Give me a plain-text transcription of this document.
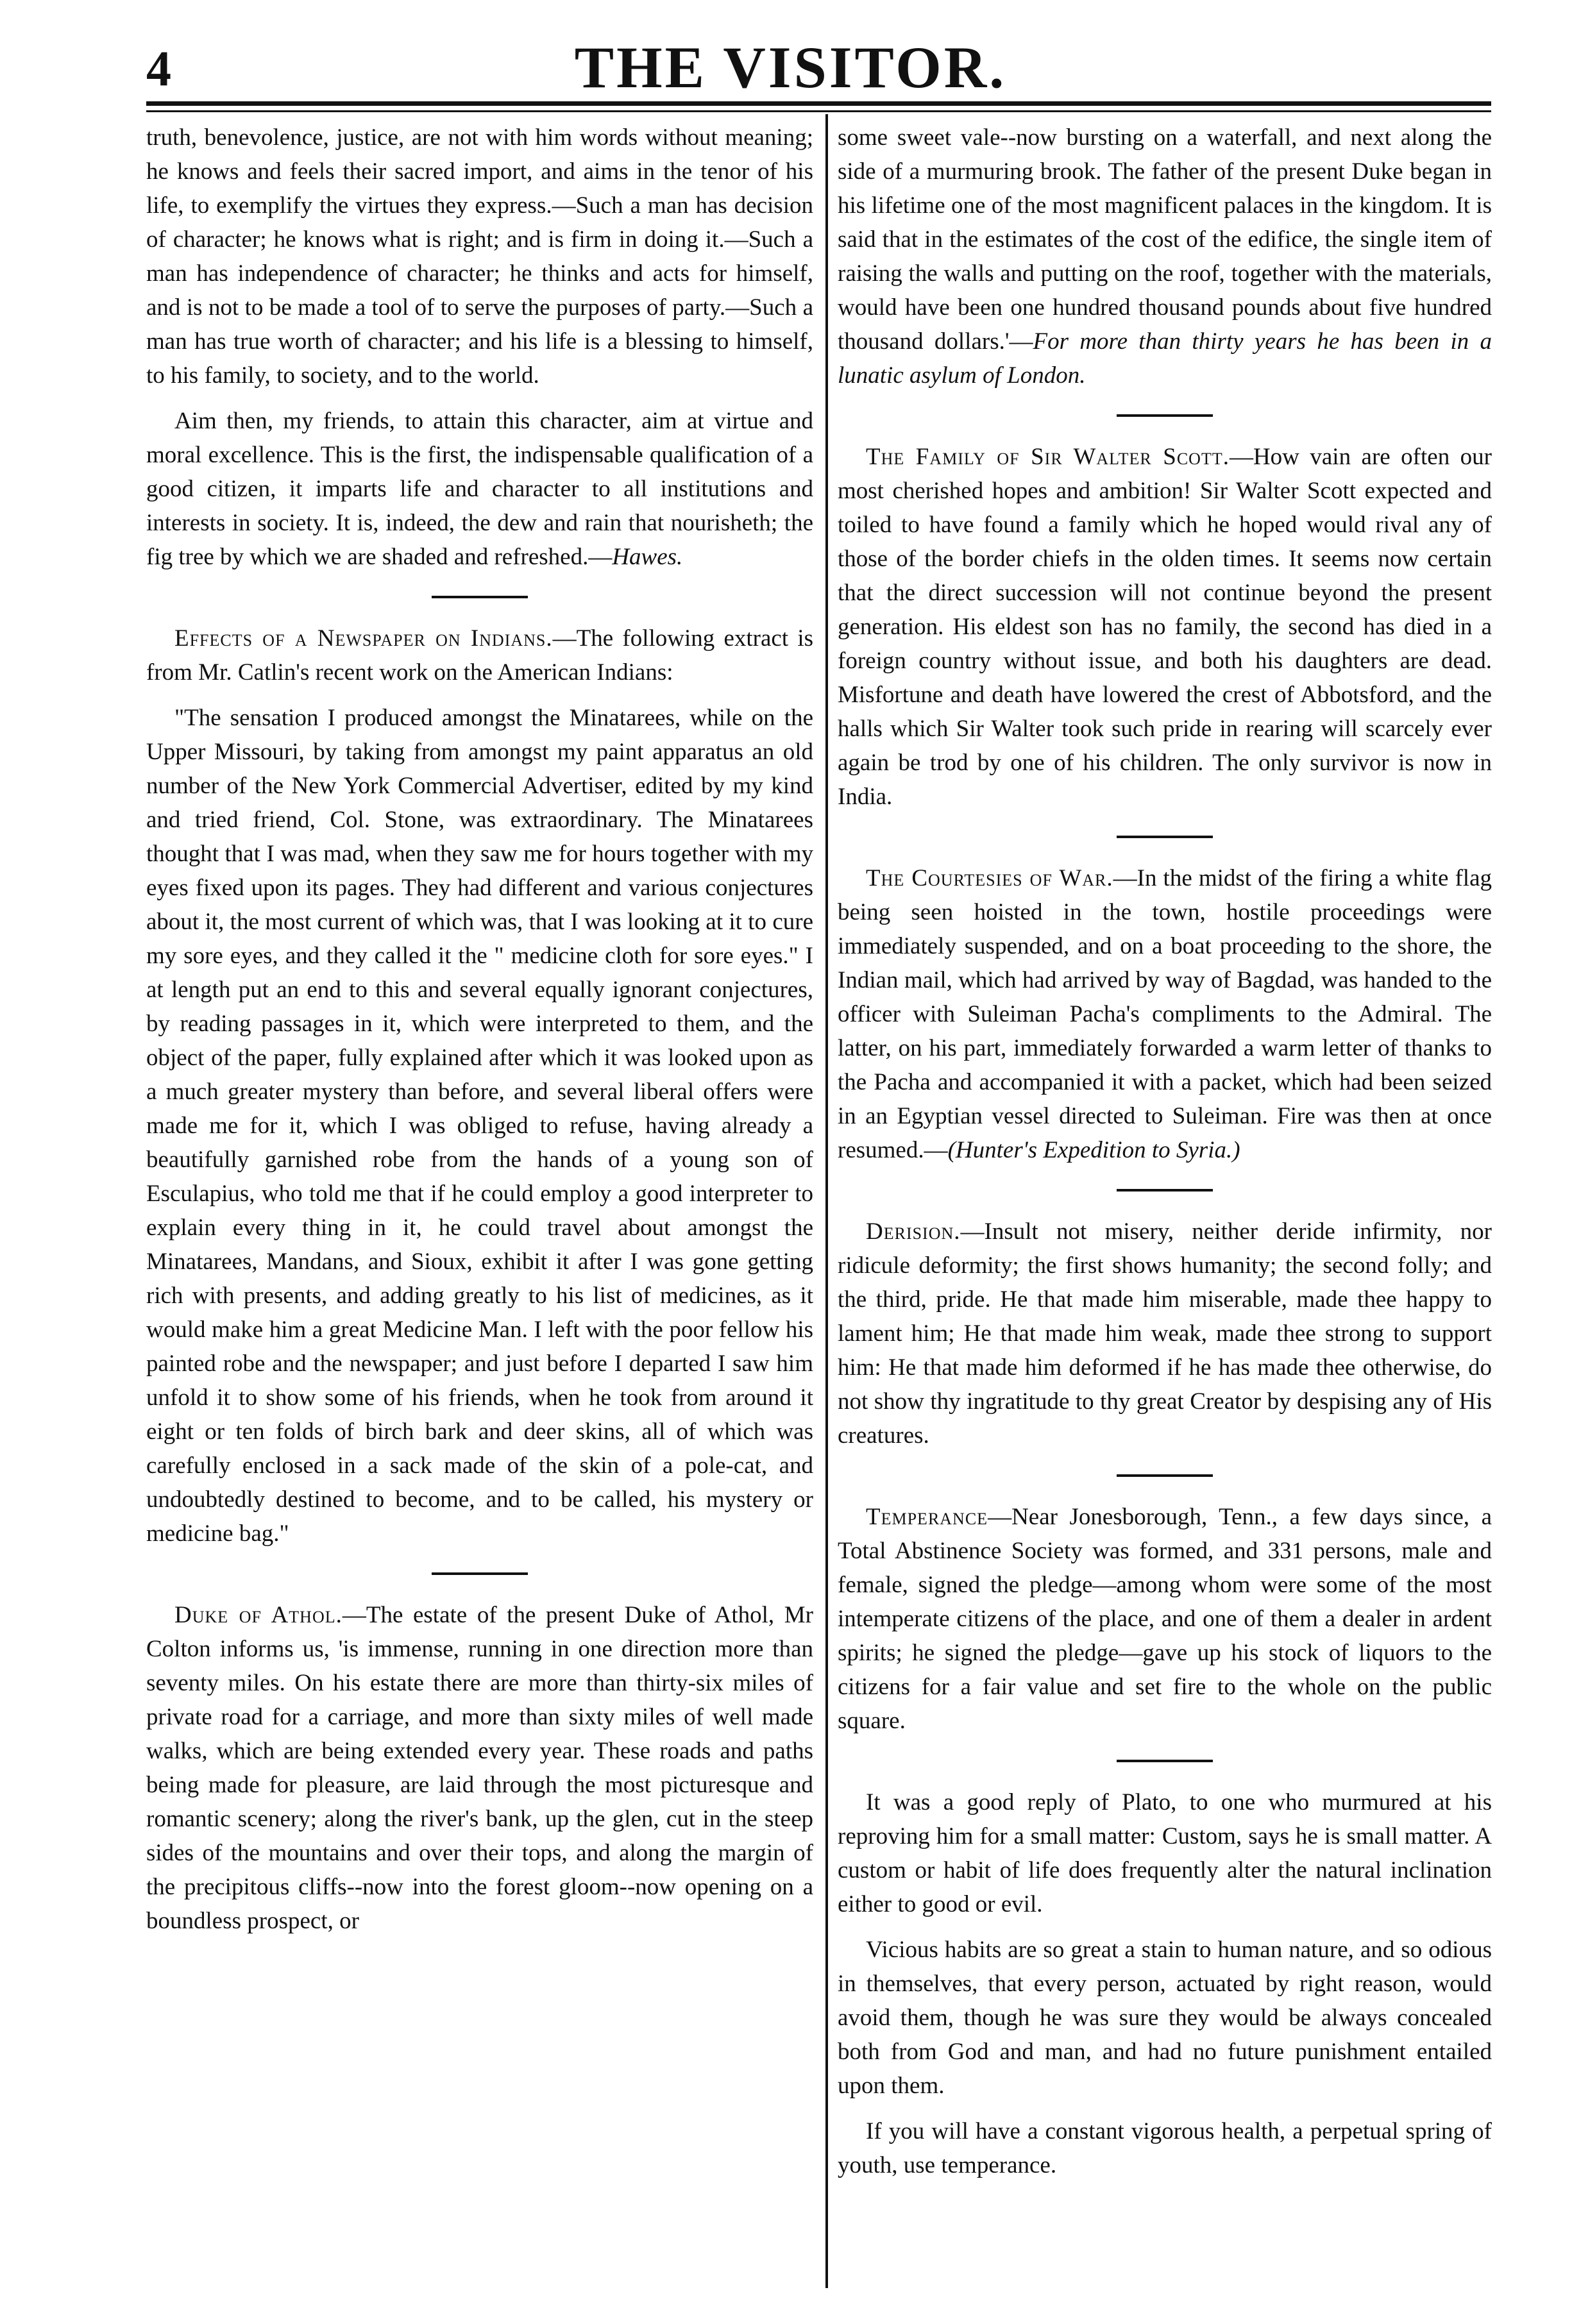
4	THE VISITOR.

truth, benevolence, justice, are not with him words without meaning; he knows and feels their sacred import, and aims in the tenor of his life, to exemplify the virtues they express.—Such a man has decision of character; he knows what is right; and is firm in doing it.—Such a man has independence of character; he thinks and acts for himself, and is not to be made a tool of to serve the purposes of party.—Such a man has true worth of character; and his life is a blessing to himself, to his family, to society, and to the world.

Aim then, my friends, to attain this character, aim at virtue and moral excellence. This is the first, the indispensable qualification of a good citizen, it imparts life and character to all institutions and interests in society. It is, indeed, the dew and rain that nourisheth; the fig tree by which we are shaded and refreshed.—Hawes.

Effects of a Newspaper on Indians.—The following extract is from Mr. Catlin's recent work on the American Indians:

"The sensation I produced amongst the Minatarees, while on the Upper Missouri, by taking from amongst my paint apparatus an old number of the New York Commercial Advertiser, edited by my kind and tried friend, Col. Stone, was extraordinary. The Minatarees thought that I was mad, when they saw me for hours together with my eyes fixed upon its pages. They had different and various conjectures about it, the most current of which was, that I was looking at it to cure my sore eyes, and they called it the " medicine cloth for sore eyes." I at length put an end to this and several equally ignorant conjectures, by reading passages in it, which were interpreted to them, and the object of the paper, fully explained after which it was looked upon as a much greater mystery than before, and several liberal offers were made me for it, which I was obliged to refuse, having already a beautifully garnished robe from the hands of a young son of Esculapius, who told me that if he could employ a good interpreter to explain every thing in it, he could travel about amongst the Minatarees, Mandans, and Sioux, exhibit it after I was gone getting rich with presents, and adding greatly to his list of medicines, as it would make him a great Medicine Man. I left with the poor fellow his painted robe and the newspaper; and just before I departed I saw him unfold it to show some of his friends, when he took from around it eight or ten folds of birch bark and deer skins, all of which was carefully enclosed in a sack made of the skin of a pole-cat, and undoubtedly destined to become, and to be called, his mystery or medicine bag."

Duke of Athol.—The estate of the present Duke of Athol, Mr Colton informs us, 'is immense, running in one direction more than seventy miles. On his estate there are more than thirty-six miles of private road for a carriage, and more than sixty miles of well made walks, which are being extended every year. These roads and paths being made for pleasure, are laid through the most picturesque and romantic scenery; along the river's bank, up the glen, cut in the steep sides of the mountains and over their tops, and along the margin of the precipitous cliffs--now into the forest gloom--now opening on a boundless prospect, or

some sweet vale--now bursting on a waterfall, and next along the side of a murmuring brook. The father of the present Duke began in his lifetime one of the most magnificent palaces in the kingdom. It is said that in the estimates of the cost of the edifice, the single item of raising the walls and putting on the roof, together with the materials, would have been one hundred thousand pounds about five hundred thousand dollars.'—For more than thirty years he has been in a lunatic asylum of London.

The Family of Sir Walter Scott.—How vain are often our most cherished hopes and ambition! Sir Walter Scott expected and toiled to have found a family which he hoped would rival any of those of the border chiefs in the olden times. It seems now certain that the direct succession will not continue beyond the present generation. His eldest son has no family, the second has died in a foreign country without issue, and both his daughters are dead. Misfortune and death have lowered the crest of Abbotsford, and the halls which Sir Walter took such pride in rearing will scarcely ever again be trod by one of his children. The only survivor is now in India.

The Courtesies of War.—In the midst of the firing a white flag being seen hoisted in the town, hostile proceedings were immediately suspended, and on a boat proceeding to the shore, the Indian mail, which had arrived by way of Bagdad, was handed to the officer with Suleiman Pacha's compliments to the Admiral. The latter, on his part, immediately forwarded a warm letter of thanks to the Pacha and accompanied it with a packet, which had been seized in an Egyptian vessel directed to Suleiman. Fire was then at once resumed.—(Hunter's Expedition to Syria.)

Derision.—Insult not misery, neither deride infirmity, nor ridicule deformity; the first shows humanity; the second folly; and the third, pride. He that made him miserable, made thee happy to lament him; He that made him weak, made thee strong to support him: He that made him deformed if he has made thee otherwise, do not show thy ingratitude to thy great Creator by despising any of His creatures.

Temperance—Near Jonesborough, Tenn., a few days since, a Total Abstinence Society was formed, and 331 persons, male and female, signed the pledge—among whom were some of the most intemperate citizens of the place, and one of them a dealer in ardent spirits; he signed the pledge—gave up his stock of liquors to the citizens for a fair value and set fire to the whole on the public square.

It was a good reply of Plato, to one who murmured at his reproving him for a small matter: Custom, says he is small matter. A custom or habit of life does frequently alter the natural inclination either to good or evil.

Vicious habits are so great a stain to human nature, and so odious in themselves, that every person, actuated by right reason, would avoid them, though he was sure they would be always concealed both from God and man, and had no future punishment entailed upon them.

If you will have a constant vigorous health, a perpetual spring of youth, use temperance.
